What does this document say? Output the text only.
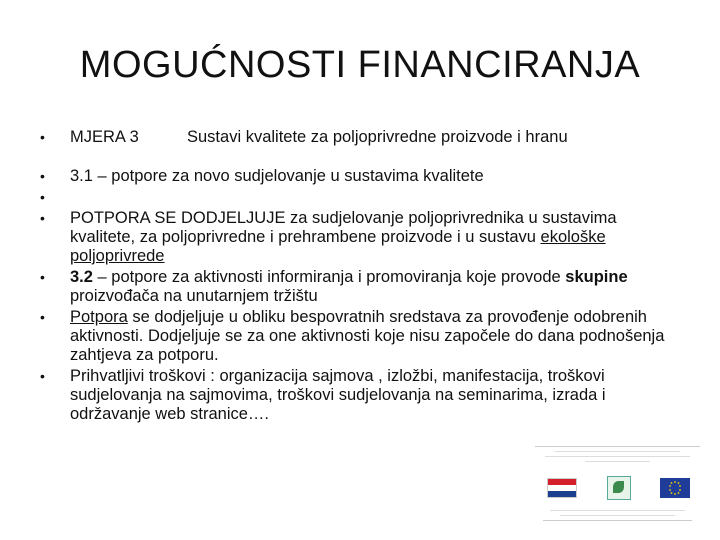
MOGUĆNOSTI FINANCIRANJA
• MJERA 3	Sustavi kvalitete za poljoprivredne proizvode i hranu
• 3.1 – potpore za novo sudjelovanje u sustavima kvalitete
•
• POTPORA SE DODJELJUJE za sudjelovanje poljoprivrednika u sustavima kvalitete, za poljoprivredne i prehrambene proizvode i u sustavu ekološke poljoprivrede
• 3.2 – potpore za aktivnosti informiranja i promoviranja koje provode skupine proizvođača na unutarnjem tržištu
• Potpora se dodjeljuje u obliku bespovratnih sredstava za provođenje odobrenih aktivnosti. Dodjeljuje se za one aktivnosti koje nisu započele do dana podnošenja zahtjeva za potporu.
• Prihvatljivi troškovi : organizacija sajmova , izložbi, manifestacija, troškovi sudjelovanja na sajmovima, troškovi sudjelovanja na seminarima, izrada i održavanje web stranice….
